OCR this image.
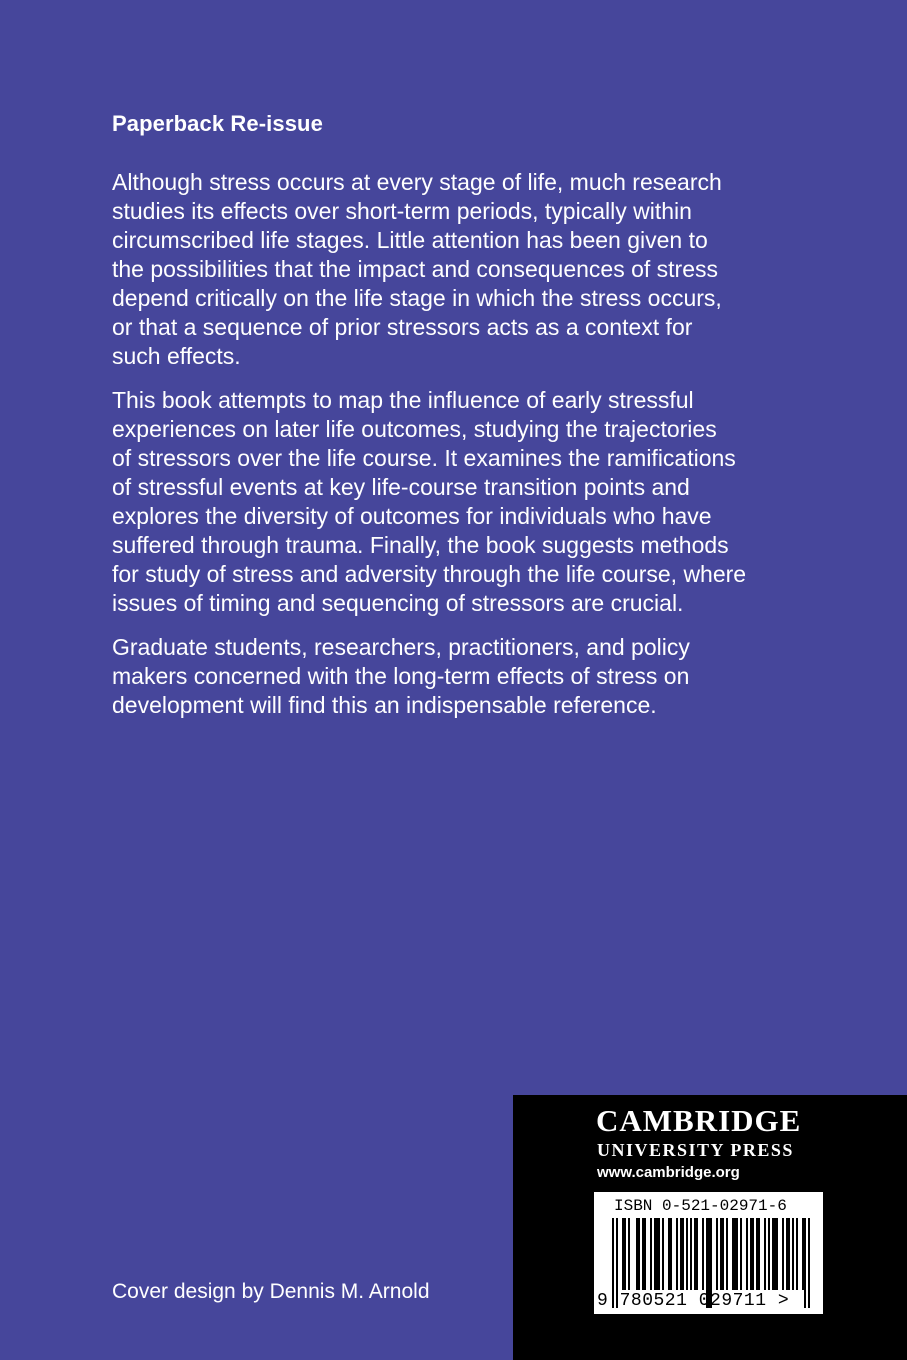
Paperback Re-issue

Although stress occurs at every stage of life, much research
studies its effects over short-term periods, typically within
circumscribed life stages. Little attention has been given to
the possibilities that the impact and consequences of stress
depend critically on the life stage in which the stress occurs,
or that a sequence of prior stressors acts as a context for
such effects.

This book attempts to map the influence of early stressful
experiences on later life outcomes, studying the trajectories
of stressors over the life course. It examines the ramifications
of stressful events at key life-course transition points and
explores the diversity of outcomes for individuals who have
suffered through trauma. Finally, the book suggests methods
for study of stress and adversity through the life course, where
issues of timing and sequencing of stressors are crucial.

Graduate students, researchers, practitioners, and policy
makers concerned with the long-term effects of stress on
development will find this an indispensable reference.

Cover design by Dennis M. Arnold
CAMBRIDGE
UNIVERSITY PRESS
www.cambridge.org
ISBN 0-521-02971-6
9 780521 029711 >
